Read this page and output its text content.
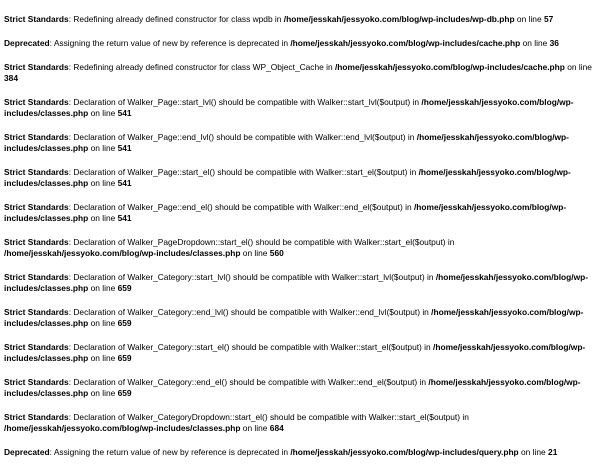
Strict Standards: Redefining already defined constructor for class wpdb in /home/jesskah/jessyoko.com/blog/wp-includes/wp-db.php on line 57
Deprecated: Assigning the return value of new by reference is deprecated in /home/jesskah/jessyoko.com/blog/wp-includes/cache.php on line 36
Strict Standards: Redefining already defined constructor for class WP_Object_Cache in /home/jesskah/jessyoko.com/blog/wp-includes/cache.php on line 384
Strict Standards: Declaration of Walker_Page::start_lvl() should be compatible with Walker::start_lvl($output) in /home/jesskah/jessyoko.com/blog/wp-includes/classes.php on line 541
Strict Standards: Declaration of Walker_Page::end_lvl() should be compatible with Walker::end_lvl($output) in /home/jesskah/jessyoko.com/blog/wp-includes/classes.php on line 541
Strict Standards: Declaration of Walker_Page::start_el() should be compatible with Walker::start_el($output) in /home/jesskah/jessyoko.com/blog/wp-includes/classes.php on line 541
Strict Standards: Declaration of Walker_Page::end_el() should be compatible with Walker::end_el($output) in /home/jesskah/jessyoko.com/blog/wp-includes/classes.php on line 541
Strict Standards: Declaration of Walker_PageDropdown::start_el() should be compatible with Walker::start_el($output) in /home/jesskah/jessyoko.com/blog/wp-includes/classes.php on line 560
Strict Standards: Declaration of Walker_Category::start_lvl() should be compatible with Walker::start_lvl($output) in /home/jesskah/jessyoko.com/blog/wp-includes/classes.php on line 659
Strict Standards: Declaration of Walker_Category::end_lvl() should be compatible with Walker::end_lvl($output) in /home/jesskah/jessyoko.com/blog/wp-includes/classes.php on line 659
Strict Standards: Declaration of Walker_Category::start_el() should be compatible with Walker::start_el($output) in /home/jesskah/jessyoko.com/blog/wp-includes/classes.php on line 659
Strict Standards: Declaration of Walker_Category::end_el() should be compatible with Walker::end_el($output) in /home/jesskah/jessyoko.com/blog/wp-includes/classes.php on line 659
Strict Standards: Declaration of Walker_CategoryDropdown::start_el() should be compatible with Walker::start_el($output) in /home/jesskah/jessyoko.com/blog/wp-includes/classes.php on line 684
Deprecated: Assigning the return value of new by reference is deprecated in /home/jesskah/jessyoko.com/blog/wp-includes/query.php on line 21
